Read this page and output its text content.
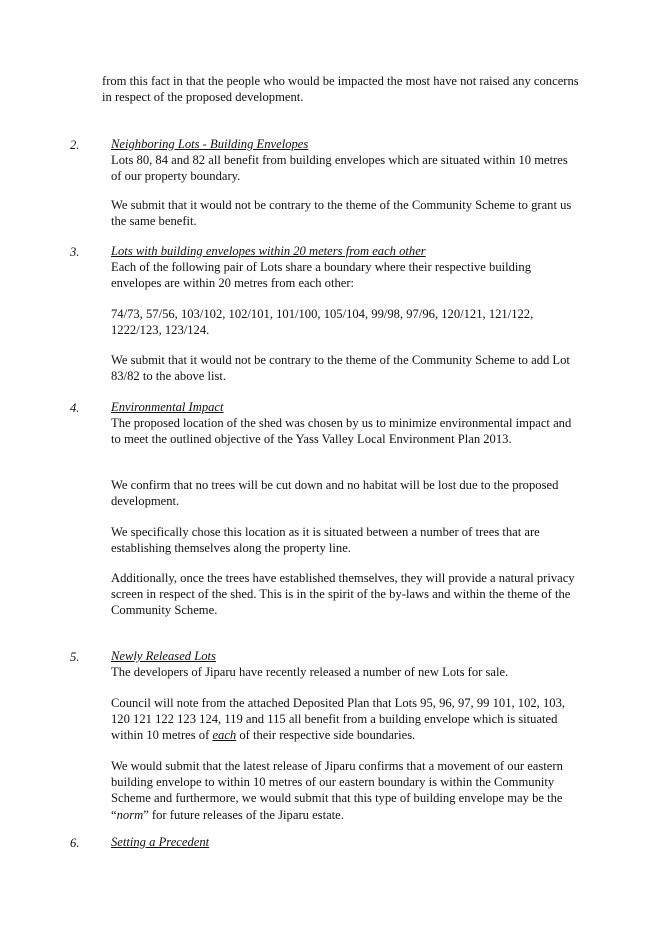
from this fact in that the people who would be impacted the most have not raised any concerns in respect of the proposed development.

2.	Neighboring Lots - Building Envelopes

Lots 80, 84 and 82 all benefit from building envelopes which are situated within 10 metres of our property boundary.

We submit that it would not be contrary to the theme of the Community Scheme to grant us the same benefit.

3.	Lots with building envelopes within 20 meters from each other

Each of the following pair of Lots share a boundary where their respective building envelopes are within 20 metres from each other:

74/73, 57/56, 103/102, 102/101, 101/100, 105/104, 99/98, 97/96, 120/121, 121/122, 1222/123, 123/124.

We submit that it would not be contrary to the theme of the Community Scheme to add Lot 83/82 to the above list.

4.	Environmental Impact

The proposed location of the shed was chosen by us to minimize environmental impact and to meet the outlined objective of the Yass Valley Local Environment Plan 2013.

We confirm that no trees will be cut down and no habitat will be lost due to the proposed development.

We specifically chose this location as it is situated between a number of trees that are establishing themselves along the property line.

Additionally, once the trees have established themselves, they will provide a natural privacy screen in respect of the shed. This is in the spirit of the by-laws and within the theme of the Community Scheme.

5.	Newly Released Lots

The developers of Jiparu have recently released a number of new Lots for sale.

Council will note from the attached Deposited Plan that Lots 95, 96, 97, 99 101, 102, 103, 120 121 122 123 124, 119 and 115 all benefit from a building envelope which is situated within 10 metres of each of their respective side boundaries.

We would submit that the latest release of Jiparu confirms that a movement of our eastern building envelope to within 10 metres of our eastern boundary is within the Community Scheme and furthermore, we would submit that this type of building envelope may be the “norm” for future releases of the Jiparu estate.

6.	Setting a Precedent
